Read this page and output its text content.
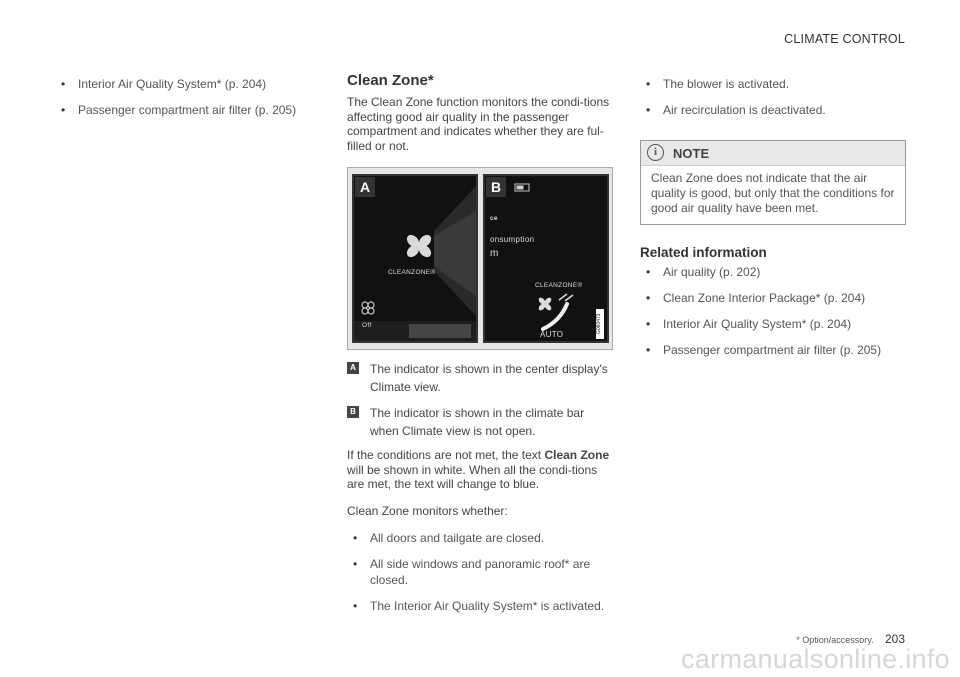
CLIMATE CONTROL
• Interior Air Quality System* (p. 204)
• Passenger compartment air filter (p. 205)
Clean Zone*

The Clean Zone function monitors the condi-tions affecting good air quality in the passenger compartment and indicates whether they are ful-filled or not.

A
CLEANZONE®
Off
B
ce
onsumption
m
CLEANZONE®
AUTO
G060473
A The indicator is shown in the center display's Climate view.
B The indicator is shown in the climate bar when Climate view is not open.

If the conditions are not met, the text Clean Zone will be shown in white. When all the condi-tions are met, the text will change to blue.

Clean Zone monitors whether:

• All doors and tailgate are closed.
• All side windows and panoramic roof* are closed.
• The Interior Air Quality System* is activated.
• The blower is activated.
• Air recirculation is deactivated.
i	NOTE
Clean Zone does not indicate that the air quality is good, but only that the conditions for good air quality have been met.
Related information
• Air quality (p. 202)
• Clean Zone Interior Package* (p. 204)
• Interior Air Quality System* (p. 204)
• Passenger compartment air filter (p. 205)
* Option/accessory. 203
carmanualsonline.info
